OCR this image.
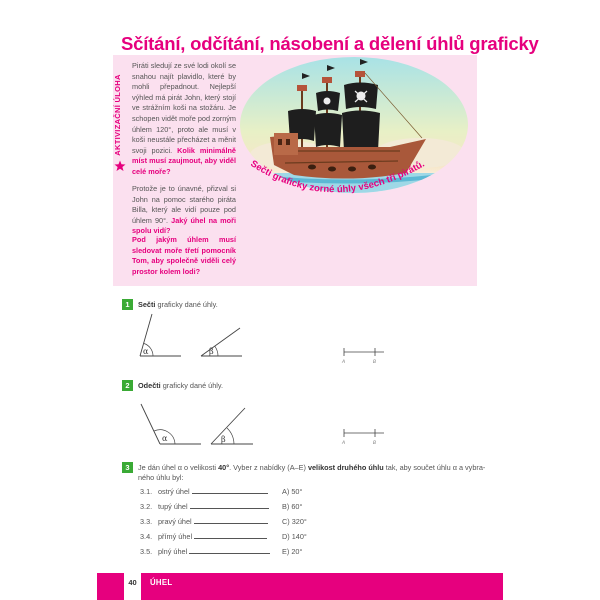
Sčítání, odčítání, násobení a dělení úhlů graficky
AKTIVIZAČNÍ ÚLOHA
Piráti sledují ze své lodi okolí se snahou najít plavidlo, které by mohli přepadnout. Nejlepší výhled má pirát John, který stojí ve strážním koši na stožáru. Je schopen vidět moře pod zorným úhlem 120°, proto ale musí v koši neustále přecházet a měnit svoji pozici. Kolik minimálně míst musí zaujmout, aby viděl celé moře?
Protože je to únavné, přizval si John na pomoc starého piráta Billa, který ale vidí pouze pod úhlem 90°. Jaký úhel na moři spolu vidí?
Pod jakým úhlem musí sledovat moře třetí pomocník Tom, aby společně viděli celý prostor kolem lodi?
Sečti graficky zorné úhly všech tří pirátů.
1	Sečti graficky dané úhly.
α	β
A	B
2	Odečti graficky dané úhly.
α	β	A	B
3	Je dán úhel α o velikosti 40°. Vyber z nabídky (A–E) velikost druhého úhlu tak, aby součet úhlu α a vybra-
ného úhlu byl:
3.1. ostrý úhel
3.2. tupý úhel
3.3. pravý úhel
3.4. přímý úhel
3.5. plný úhel
A) 50°
B) 60°
C) 320°
D) 140°
E) 20°
40	ÚHEL
